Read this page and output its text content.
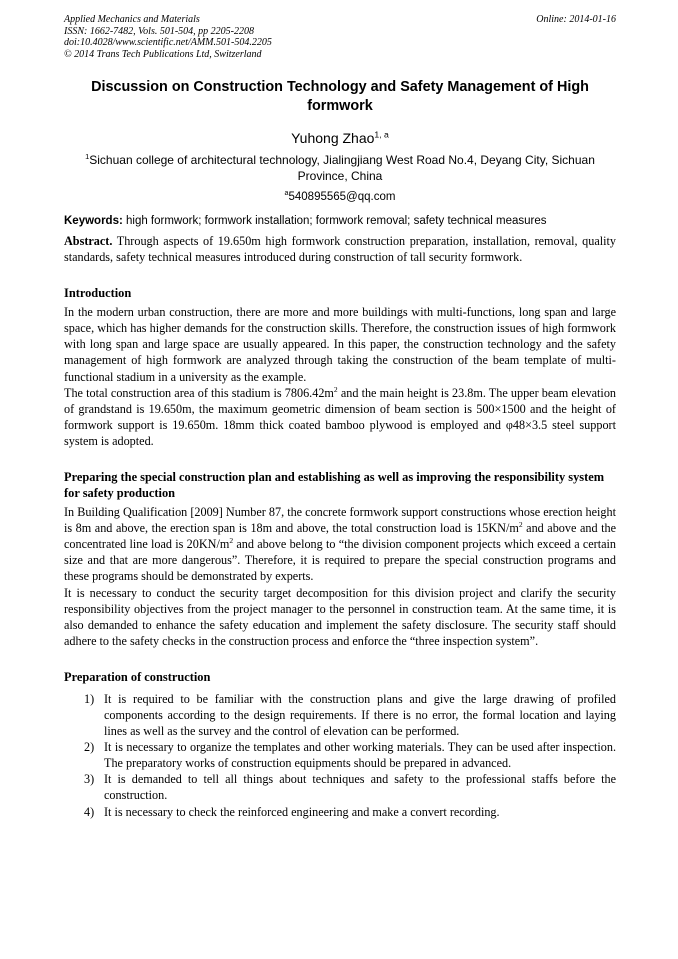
Applied Mechanics and Materials
ISSN: 1662-7482, Vols. 501-504, pp 2205-2208
doi:10.4028/www.scientific.net/AMM.501-504.2205
© 2014 Trans Tech Publications Ltd, Switzerland
Online: 2014-01-16
Discussion on Construction Technology and Safety Management of High formwork
Yuhong Zhao$^{1, a}$
$^1$Sichuan college of architectural technology, Jialingjiang West Road No.4, Deyang City, Sichuan Province, China
$^a$540895565@qq.com
Keywords: high formwork; formwork installation; formwork removal; safety technical measures

Abstract. Through aspects of 19.650m high formwork construction preparation, installation, removal, quality standards, safety technical measures introduced during construction of tall security formwork.

Introduction

In the modern urban construction, there are more and more buildings with multi-functions, long span and large space, which has higher demands for the construction skills. Therefore, the construction issues of high formwork with long span and large space are usually appeared. In this paper, the construction technology and the safety management of high formwork are analyzed through taking the construction of the beam template of multi-functional stadium in a university as the example.

The total construction area of this stadium is $7806.42m^2$ and the main height is 23.8m. The upper beam elevation of grandstand is 19.650m, the maximum geometric dimension of beam section is 500×1500 and the height of formwork support is 19.650m. 18mm thick coated bamboo plywood is employed and φ48×3.5 steel support system is adopted.

Preparing the special construction plan and establishing as well as improving the responsibility system for safety production

In Building Qualification [2009] Number 87, the concrete formwork support constructions whose erection height is 8m and above, the erection span is 18m and above, the total construction load is $15KN/m^2$ and above and the concentrated line load is $20KN/m^2$ and above belong to “the division component projects which exceed a certain size and that are more dangerous”. Therefore, it is required to prepare the special construction programs and these programs should be demonstrated by experts.

It is necessary to conduct the security target decomposition for this division project and clarify the security responsibility objectives from the project manager to the personnel in construction team. At the same time, it is also demanded to enhance the safety education and implement the safety disclosure. The security staff should adhere to the safety checks in the construction process and enforce the “three inspection system”.

Preparation of construction
1) It is required to be familiar with the construction plans and give the large drawing of profiled components according to the design requirements. If there is no error, the formal location and laying lines as well as the survey and the control of elevation can be performed.
2) It is necessary to organize the templates and other working materials. They can be used after inspection. The preparatory works of construction equipments should be prepared in advanced.
3) It is demanded to tell all things about techniques and safety to the professional staffs before the construction.
4) It is necessary to check the reinforced engineering and make a convert recording.
